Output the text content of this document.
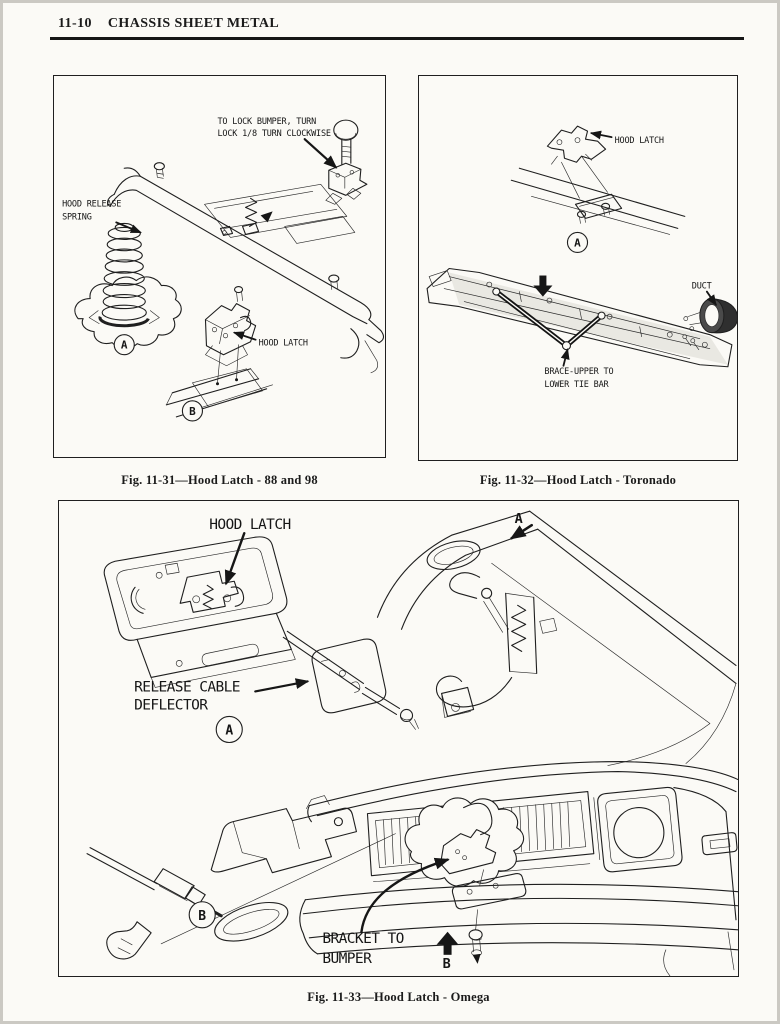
11-10 CHASSIS SHEET METAL
TO LOCK BUMPER, TURN
LOCK 1/8 TURN CLOCKWISE
HOOD RELEASE
SPRING
HOOD LATCH
A
B
Fig. 11-31—Hood Latch - 88 and 98
HOOD LATCH
DUCT
BRACE-UPPER TO
LOWER TIE BAR
A
Fig. 11-32—Hood Latch - Toronado
HOOD LATCH
RELEASE CABLE
DEFLECTOR
BRACKET TO
BUMPER
A
B
A
B
Fig. 11-33—Hood Latch - Omega
